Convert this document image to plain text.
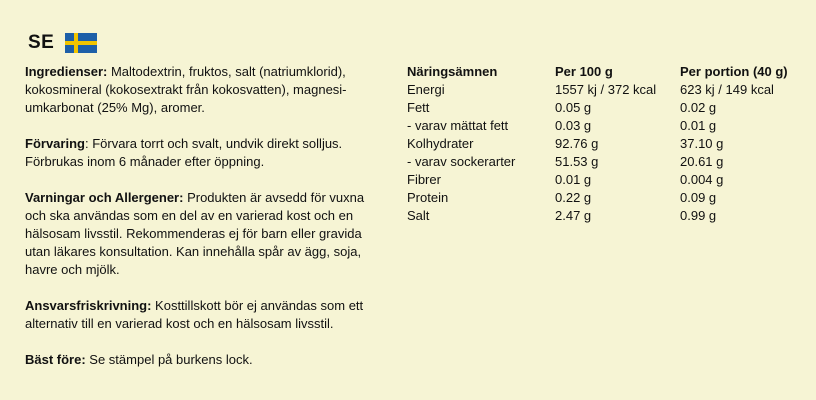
SE

Ingredienser: Maltodextrin, fruktos, salt (natriumklorid), kokosmineral (kokosextrakt från kokosvatten), magnesi-umkarbonat (25% Mg), aromer.

Förvaring: Förvara torrt och svalt, undvik direkt solljus. Förbrukas inom 6 månader efter öppning.

Varningar och Allergener: Produkten är avsedd för vuxna och ska användas som en del av en varierad kost och en hälsosam livsstil. Rekommenderas ej för barn eller gravida utan läkares konsultation. Kan innehålla spår av ägg, soja, havre och mjölk.

Ansvarsfriskrivning: Kosttillskott bör ej användas som ett alternativ till en varierad kost och en hälsosam livsstil.

Bäst före: Se stämpel på burkens lock.

Näringsämnen	Per 100 g	Per portion (40 g)
Energi	1557 kj / 372 kcal	623 kj / 149 kcal
Fett	0.05 g	0.02 g
- varav mättat fett	0.03 g	0.01 g
Kolhydrater	92.76 g	37.10 g
- varav sockerarter	51.53 g	20.61 g
Fibrer	0.01 g	0.004 g
Protein	0.22 g	0.09 g
Salt	2.47 g	0.99 g
